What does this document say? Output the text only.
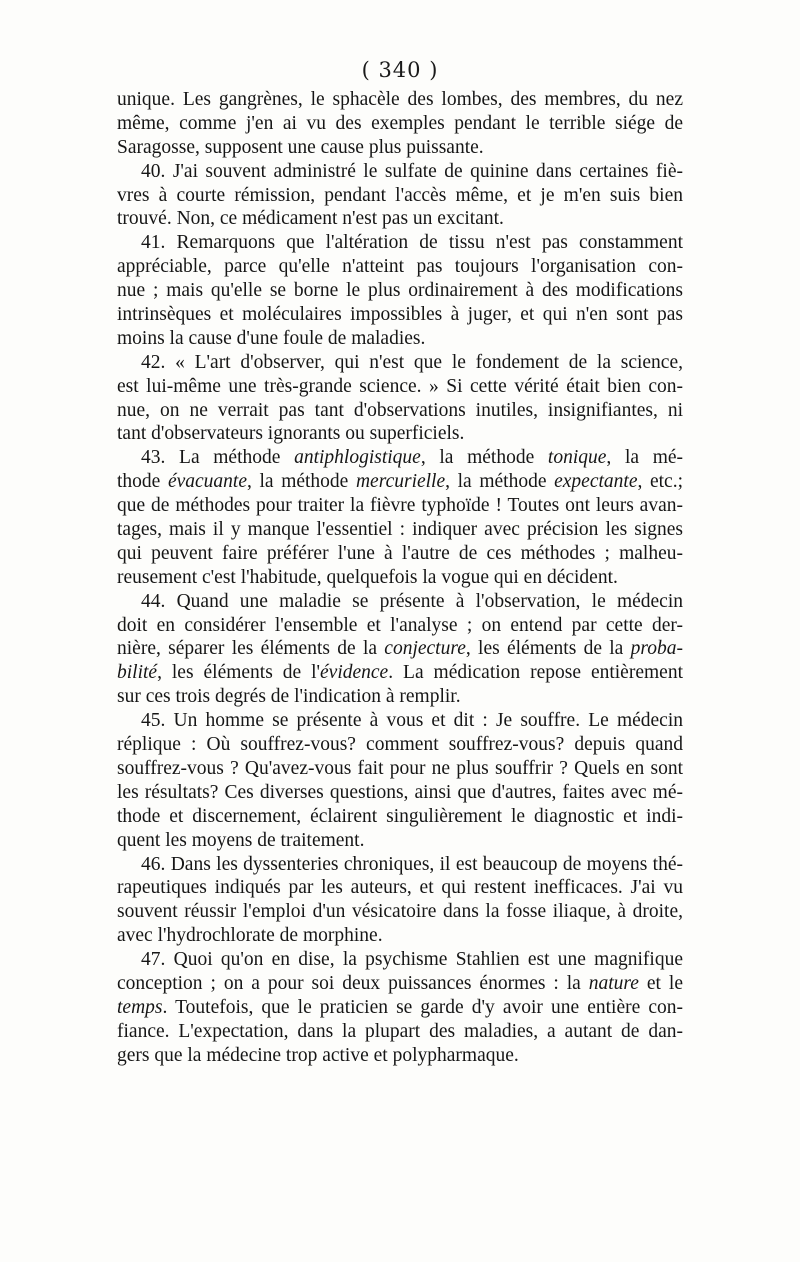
( 340 )
unique. Les gangrènes, le sphacèle des lombes, des membres, du nez
même, comme j'en ai vu des exemples pendant le terrible siége de
Saragosse, supposent une cause plus puissante.
40. J'ai souvent administré le sulfate de quinine dans certaines fiè-
vres à courte rémission, pendant l'accès même, et je m'en suis bien
trouvé. Non, ce médicament n'est pas un excitant.
41. Remarquons que l'altération de tissu n'est pas constamment
appréciable, parce qu'elle n'atteint pas toujours l'organisation con-
nue ; mais qu'elle se borne le plus ordinairement à des modifications
intrinsèques et moléculaires impossibles à juger, et qui n'en sont pas
moins la cause d'une foule de maladies.
42. « L'art d'observer, qui n'est que le fondement de la science,
est lui-même une très-grande science. » Si cette vérité était bien con-
nue, on ne verrait pas tant d'observations inutiles, insignifiantes, ni
tant d'observateurs ignorants ou superficiels.
43. La méthode antiphlogistique, la méthode tonique, la mé-
thode évacuante, la méthode mercurielle, la méthode expectante, etc.;
que de méthodes pour traiter la fièvre typhoïde ! Toutes ont leurs avan-
tages, mais il y manque l'essentiel : indiquer avec précision les signes
qui peuvent faire préférer l'une à l'autre de ces méthodes ; malheu-
reusement c'est l'habitude, quelquefois la vogue qui en décident.
44. Quand une maladie se présente à l'observation, le médecin
doit en considérer l'ensemble et l'analyse ; on entend par cette der-
nière, séparer les éléments de la conjecture, les éléments de la proba-
bilité, les éléments de l'évidence. La médication repose entièrement
sur ces trois degrés de l'indication à remplir.
45. Un homme se présente à vous et dit : Je souffre. Le médecin
réplique : Où souffrez-vous? comment souffrez-vous? depuis quand
souffrez-vous ? Qu'avez-vous fait pour ne plus souffrir ? Quels en sont
les résultats? Ces diverses questions, ainsi que d'autres, faites avec mé-
thode et discernement, éclairent singulièrement le diagnostic et indi-
quent les moyens de traitement.
46. Dans les dyssenteries chroniques, il est beaucoup de moyens thé-
rapeutiques indiqués par les auteurs, et qui restent inefficaces. J'ai vu
souvent réussir l'emploi d'un vésicatoire dans la fosse iliaque, à droite,
avec l'hydrochlorate de morphine.
47. Quoi qu'on en dise, la psychisme Stahlien est une magnifique
conception ; on a pour soi deux puissances énormes : la nature et le
temps. Toutefois, que le praticien se garde d'y avoir une entière con-
fiance. L'expectation, dans la plupart des maladies, a autant de dan-
gers que la médecine trop active et polypharmaque.
